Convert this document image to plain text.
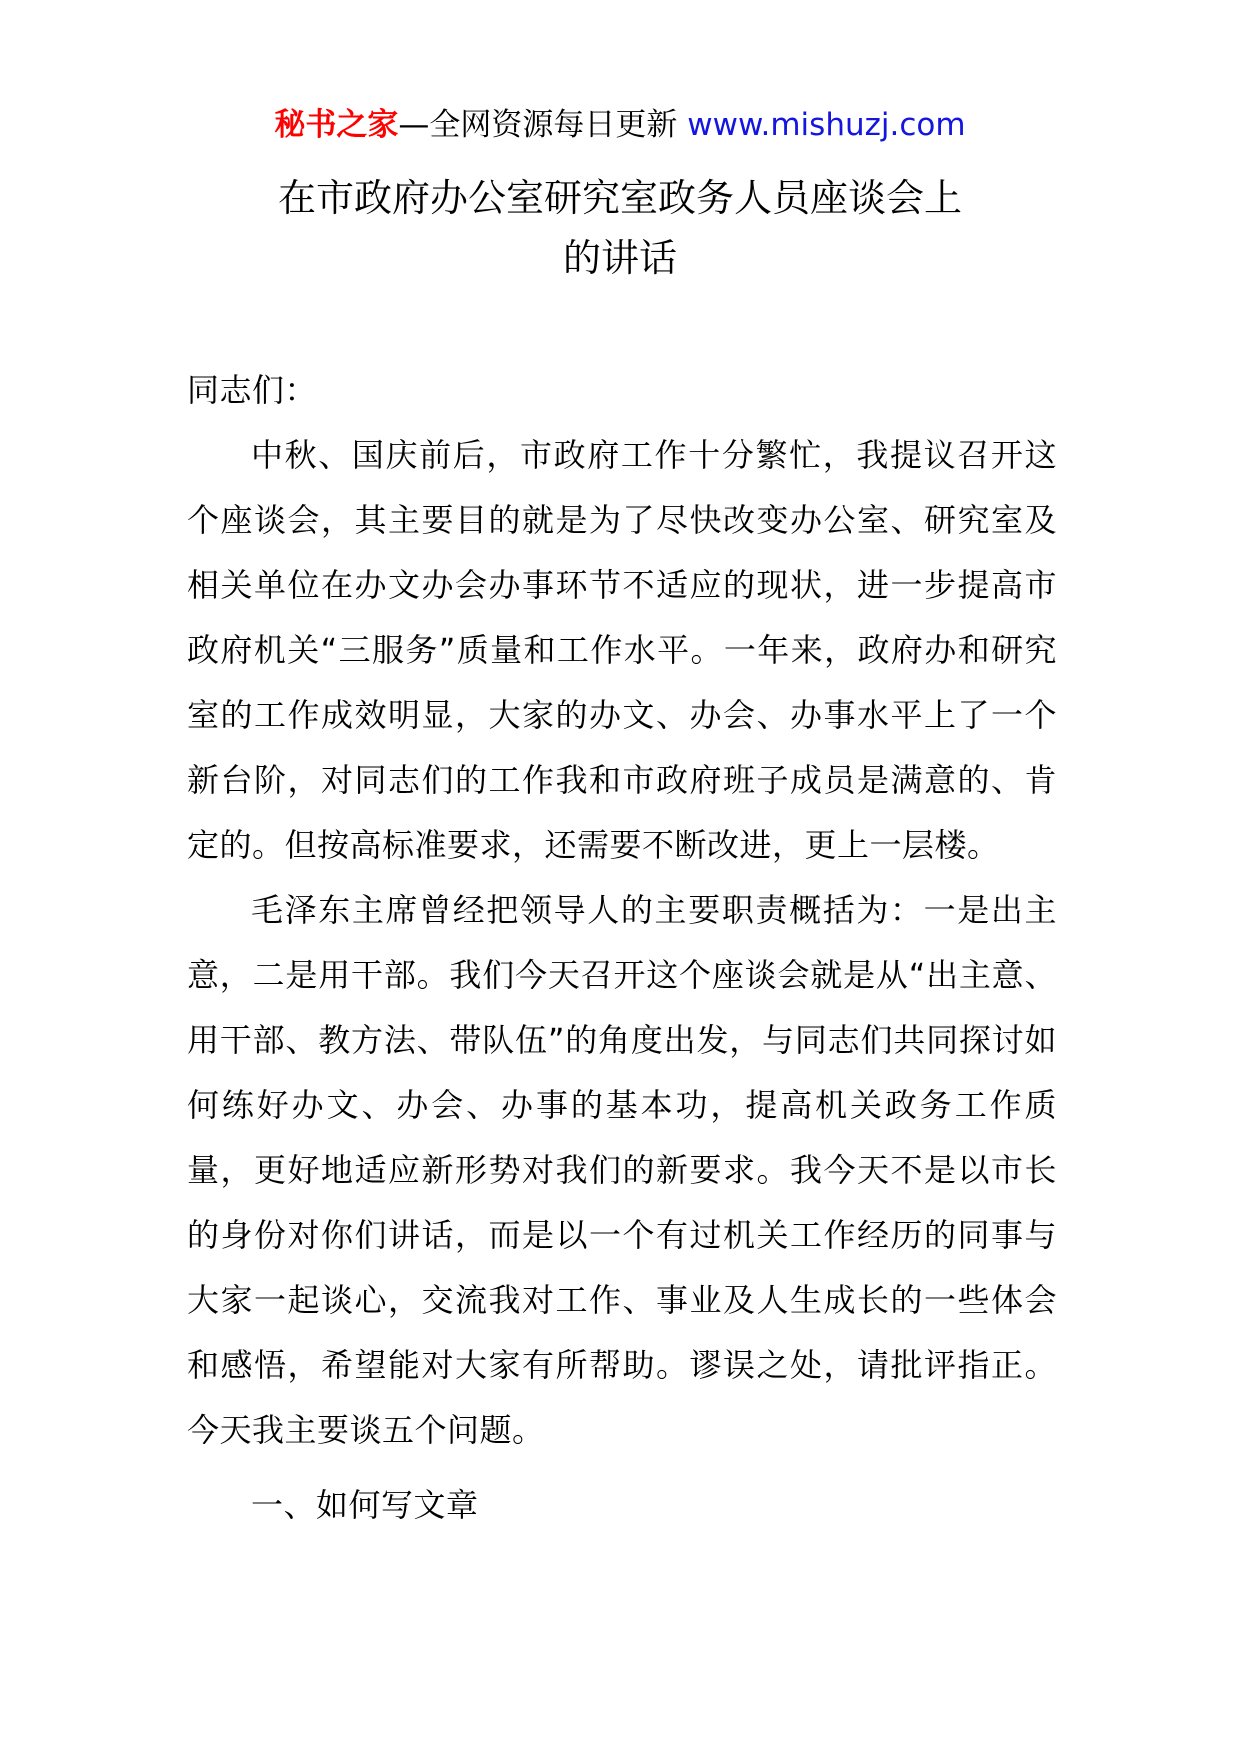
秘书之家—全网资源每日更新 www.mishuzj.com
在市政府办公室研究室政务人员座谈会上
的讲话

同志们：

中秋、国庆前后，市政府工作十分繁忙，我提议召开这个座谈会，其主要目的就是为了尽快改变办公室、研究室及相关单位在办文办会办事环节不适应的现状，进一步提高市政府机关“三服务”质量和工作水平。一年来，政府办和研究室的工作成效明显，大家的办文、办会、办事水平上了一个新台阶，对同志们的工作我和市政府班子成员是满意的、肯定的。但按高标准要求，还需要不断改进，更上一层楼。

毛泽东主席曾经把领导人的主要职责概括为：一是出主意，二是用干部。我们今天召开这个座谈会就是从“出主意、用干部、教方法、带队伍”的角度出发，与同志们共同探讨如何练好办文、办会、办事的基本功，提高机关政务工作质量，更好地适应新形势对我们的新要求。我今天不是以市长的身份对你们讲话，而是以一个有过机关工作经历的同事与大家一起谈心，交流我对工作、事业及人生成长的一些体会和感悟，希望能对大家有所帮助。谬误之处，请批评指正。今天我主要谈五个问题。

一、如何写文章
